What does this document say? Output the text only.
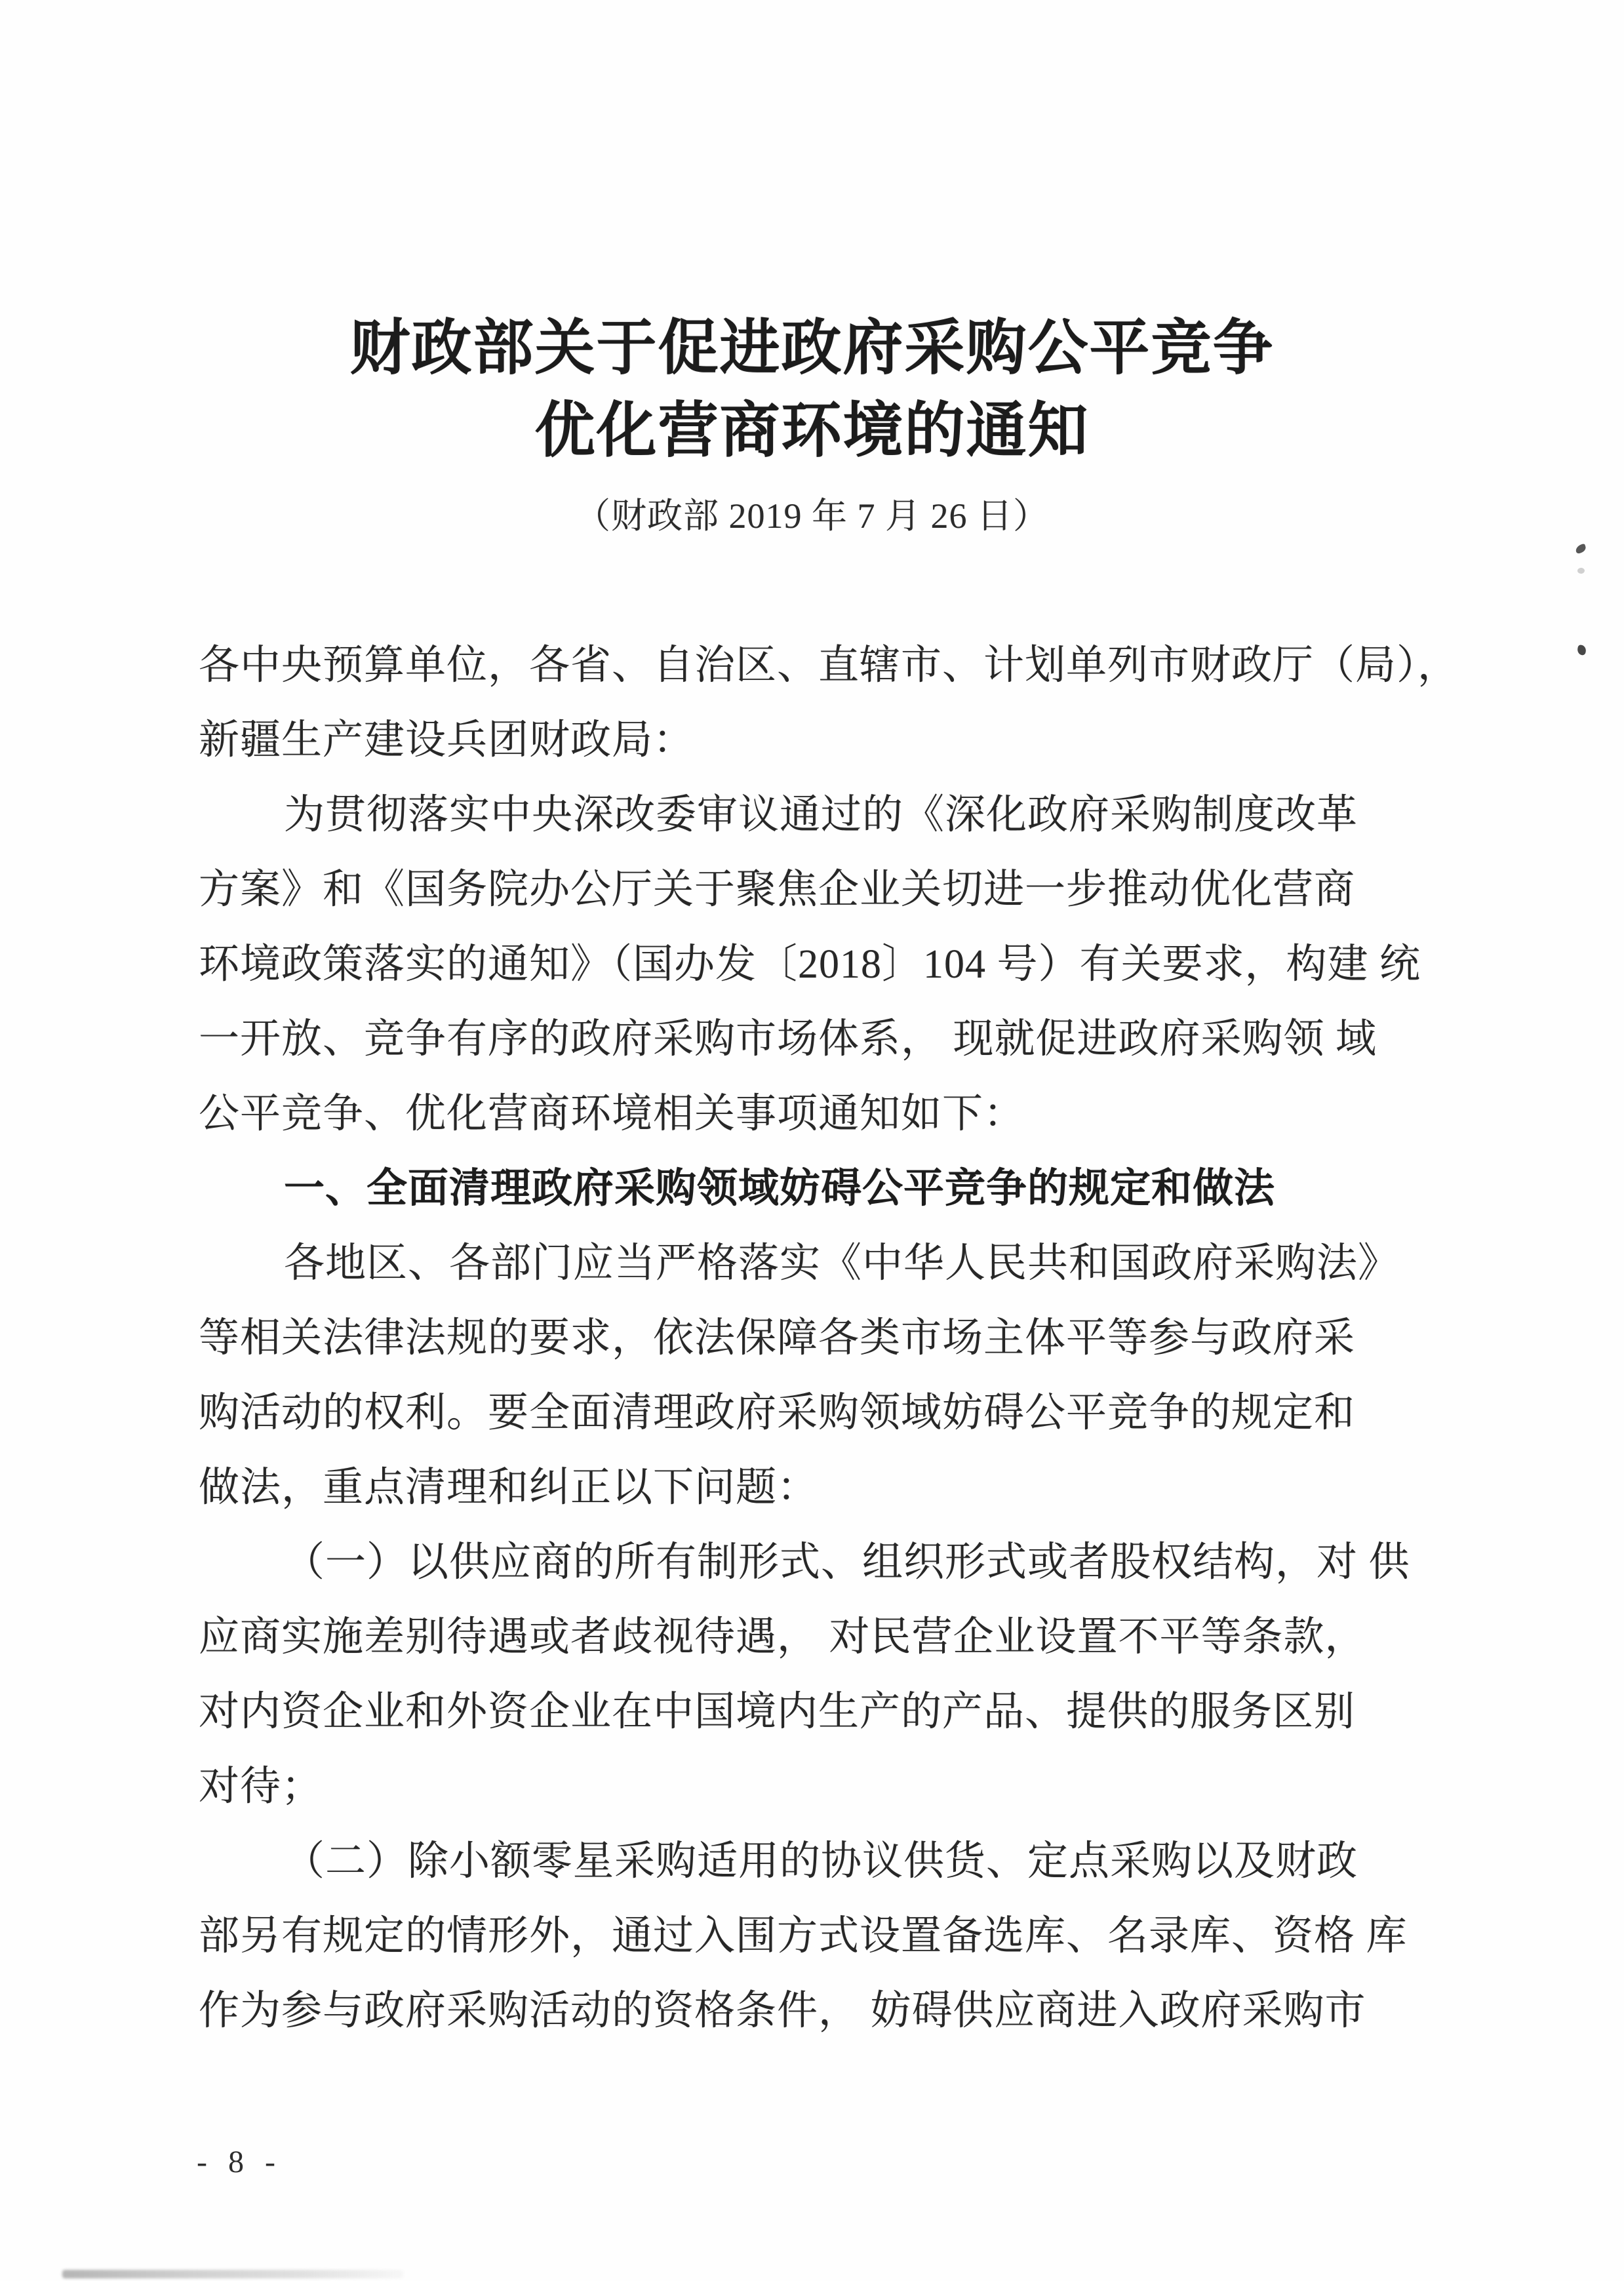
财政部关于促进政府采购公平竞争
优化营商环境的通知
（财政部 2019 年 7 月 26 日）
各中央预算单位，各省、自治区、直辖市、计划单列市财政厅（局），
新疆生产建设兵团财政局：
为贯彻落实中央深改委审议通过的《深化政府采购制度改革
方案》和《国务院办公厅关于聚焦企业关切进一步推动优化营商
环境政策落实的通知》（国办发〔2018〕104 号）有关要求，构建 统
一开放、竞争有序的政府采购市场体系， 现就促进政府采购领 域
公平竞争、优化营商环境相关事项通知如下：
一、全面清理政府采购领域妨碍公平竞争的规定和做法
各地区、各部门应当严格落实《中华人民共和国政府采购法》
等相关法律法规的要求，依法保障各类市场主体平等参与政府采
购活动的权利。要全面清理政府采购领域妨碍公平竞争的规定和
做法，重点清理和纠正以下问题：
（一）以供应商的所有制形式、组织形式或者股权结构，对 供
应商实施差别待遇或者歧视待遇， 对民营企业设置不平等条款，
对内资企业和外资企业在中国境内生产的产品、提供的服务区别
对待；
（二）除小额零星采购适用的协议供货、定点采购以及财政
部另有规定的情形外，通过入围方式设置备选库、名录库、资格 库
作为参与政府采购活动的资格条件， 妨碍供应商进入政府采购市
- 8 -
